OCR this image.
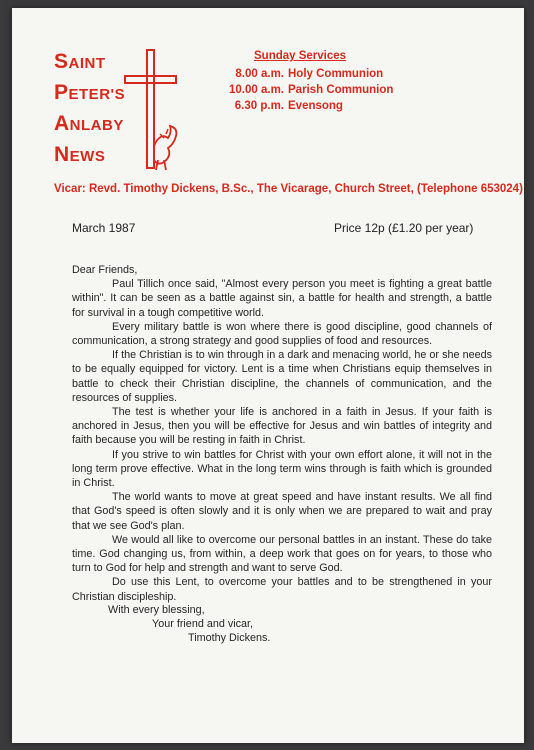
SAINT
PETER'S
ANLABY
NEWS
Sunday Services
8.00 a.m. Holy Communion
10.00 a.m. Parish Communion
6.30 p.m. Evensong
Vicar: Revd. Timothy Dickens, B.Sc., The Vicarage, Church Street, (Telephone 653024)
March 1987	Price 12p (£1.20 per year)

Dear Friends,

Paul Tillich once said, "Almost every person you meet is fighting a great battle within". It can be seen as a battle against sin, a battle for health and strength, a battle for survival in a tough competitive world.

Every military battle is won where there is good discipline, good channels of communication, a strong strategy and good supplies of food and resources.

If the Christian is to win through in a dark and menacing world, he or she needs to be equally equipped for victory. Lent is a time when Christians equip themselves in battle to check their Christian discipline, the channels of communication, and the resources of supplies.

The test is whether your life is anchored in a faith in Jesus. If your faith is anchored in Jesus, then you will be effective for Jesus and win battles of integrity and faith because you will be resting in faith in Christ.

If you strive to win battles for Christ with your own effort alone, it will not in the long term prove effective. What in the long term wins through is faith which is grounded in Christ.

The world wants to move at great speed and have instant results. We all find that God's speed is often slowly and it is only when we are prepared to wait and pray that we see God's plan.

We would all like to overcome our personal battles in an instant. These do take time. God changing us, from within, a deep work that goes on for years, to those who turn to God for help and strength and want to serve God.

Do use this Lent, to overcome your battles and to be strengthened in your Christian discipleship.

With every blessing,
Your friend and vicar,
Timothy Dickens.
